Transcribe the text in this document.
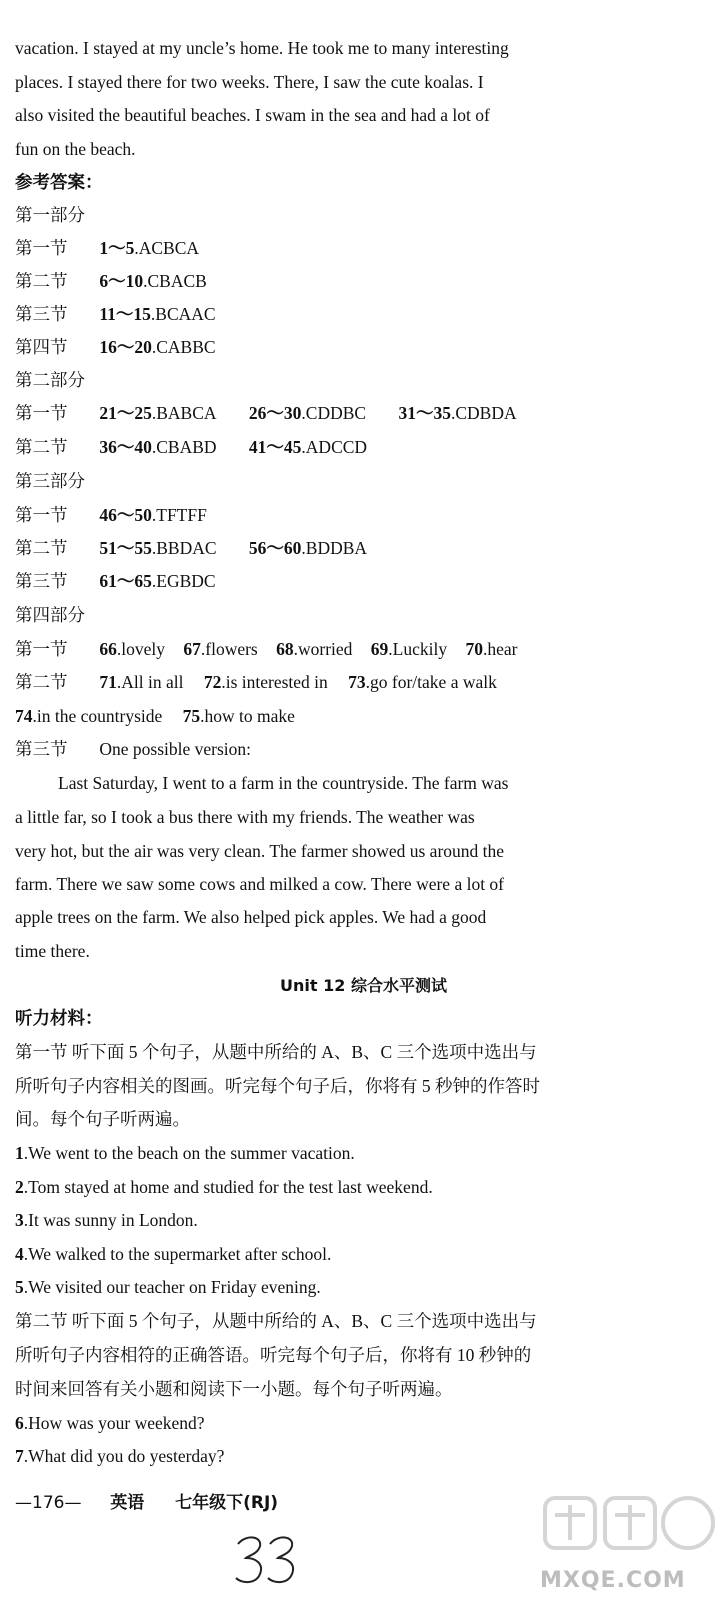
vacation. I stayed at my uncle’s home. He took me to many interesting
places. I stayed there for two weeks. There, I saw the cute koalas. I
also visited the beautiful beaches. I swam in the sea and had a lot of
fun on the beach.
参考答案：
第一部分
第一节 1～5.ACBCA
第二节 6～10.CBACB
第三节 11～15.BCAAC
第四节 16～20.CABBC
第二部分
第一节 21～25.BABCA 26～30.CDDBC 31～35.CDBDA
第二节 36～40.CBABD 41～45.ADCCD
第三部分
第一节 46～50.TFTFF
第二节 51～55.BBDAC 56～60.BDDBA
第三节 61～65.EGBDC
第四部分
第一节 66.lovely 67.flowers 68.worried 69.Luckily 70.hear
第二节 71.All in all 72.is interested in 73.go for/take a walk
74.in the countryside 75.how to make
第三节 One possible version:
Last Saturday, I went to a farm in the countryside. The farm was
a little far, so I took a bus there with my friends. The weather was
very hot, but the air was very clean. The farmer showed us around the
farm. There we saw some cows and milked a cow. There were a lot of
apple trees on the farm. We also helped pick apples. We had a good
time there.
Unit 12 综合水平测试
听力材料：
第一节 听下面 5 个句子，从题中所给的 A、B、C 三个选项中选出与
所听句子内容相关的图画。听完每个句子后，你将有 5 秒钟的作答时
间。每个句子听两遍。
1.We went to the beach on the summer vacation.
2.Tom stayed at home and studied for the test last weekend.
3.It was sunny in London.
4.We walked to the supermarket after school.
5.We visited our teacher on Friday evening.
第二节 听下面 5 个句子，从题中所给的 A、B、C 三个选项中选出与
所听句子内容相符的正确答语。听完每个句子后，你将有 10 秒钟的
时间来回答有关小题和阅读下一小题。每个句子听两遍。
6.How was your weekend?
7.What did you do yesterday?
—176— 英语 七年级下(RJ)
MXQE.COM
